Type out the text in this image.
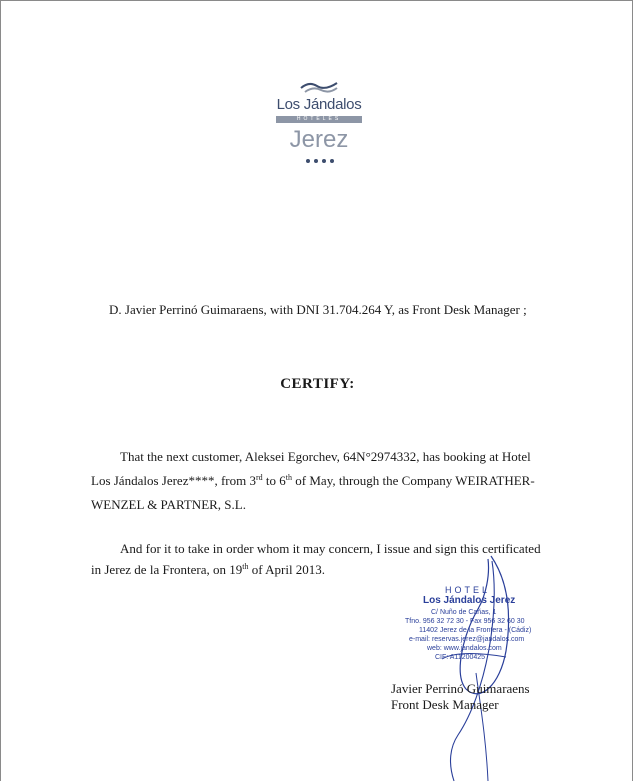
Los Jándalos
HOTELES
Jerez
D. Javier Perrinó Guimaraens, with DNI 31.704.264 Y, as Front Desk Manager ;
CERTIFY:
That the next customer, Aleksei Egorchev, 64N°2974332, has booking at Hotel
Los Jándalos Jerez****, from 3rd to 6th of May, through the Company WEIRATHER-
WENZEL & PARTNER, S.L.
And for it to take in order whom it may concern, I issue and sign this certificated
in Jerez de la Frontera, on 19th of April 2013.
HOTEL
Los Jándalos Jerez
C/ Nuño de Cañas, 1
Tfno. 956 32 72 30 - Fax 956 32 60 30
11402 Jerez de la Frontera - (Cádiz)
e-mail: reservas.jerez@jandalos.com
web: www.jandalos.com
CIF: A11200425
Javier Perrinó Guimaraens
Front Desk Manager
